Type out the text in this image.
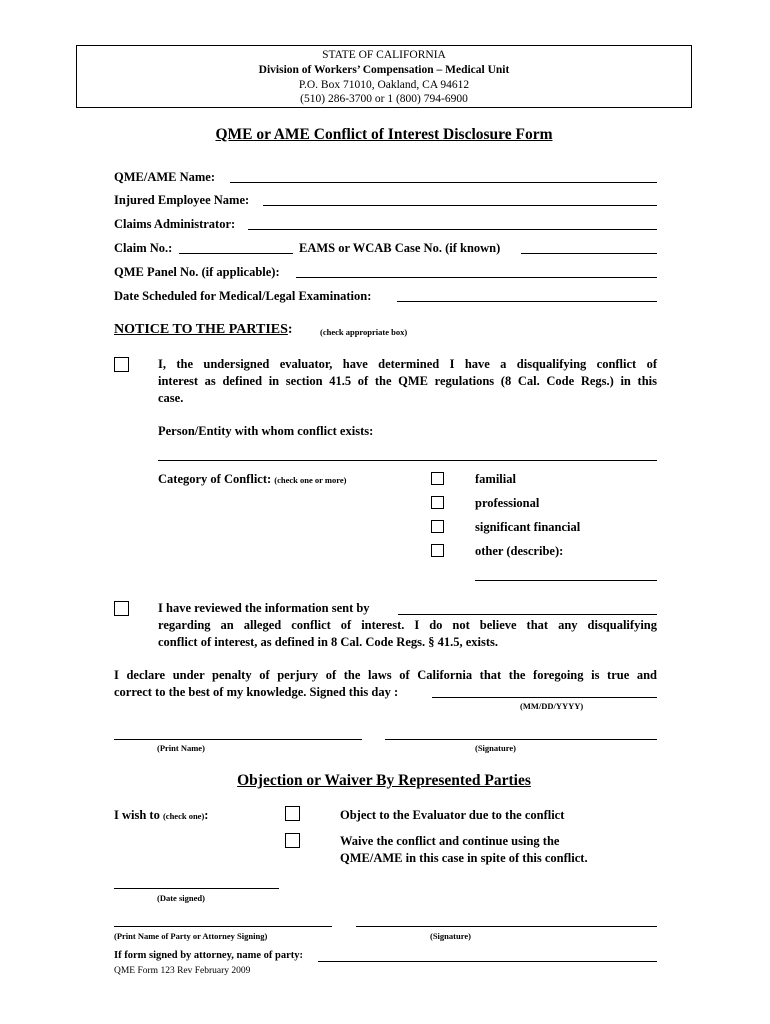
STATE OF CALIFORNIA
Division of Workers’ Compensation – Medical Unit
P.O. Box 71010, Oakland, CA 94612
(510) 286-3700 or 1 (800) 794-6900
QME or AME Conflict of Interest Disclosure Form
QME/AME Name:
Injured Employee Name:
Claims Administrator:
Claim No.:	EAMS or WCAB Case No. (if known)
QME Panel No. (if applicable):
Date Scheduled for Medical/Legal Examination:
NOTICE TO THE PARTIES:	(check appropriate box)
I, the undersigned evaluator, have determined I have a disqualifying conflict of
interest as defined in section 41.5 of the QME regulations (8 Cal. Code Regs.) in this
case.
Person/Entity with whom conflict exists:
Category of Conflict: (check one or more)	familial
professional
significant financial
other (describe):
I have reviewed the information sent by
regarding an alleged conflict of interest. I do not believe that any disqualifying
conflict of interest, as defined in 8 Cal. Code Regs. § 41.5, exists.
I declare under penalty of perjury of the laws of California that the foregoing is true and
correct to the best of my knowledge. Signed this day :
(MM/DD/YYYY)
(Print Name)	(Signature)
Objection or Waiver By Represented Parties
I wish to (check one):	Object to the Evaluator due to the conflict
Waive the conflict and continue using the
QME/AME in this case in spite of this conflict.
(Date signed)
(Print Name of Party or Attorney Signing)	(Signature)
If form signed by attorney, name of party:
QME Form 123 Rev February 2009
